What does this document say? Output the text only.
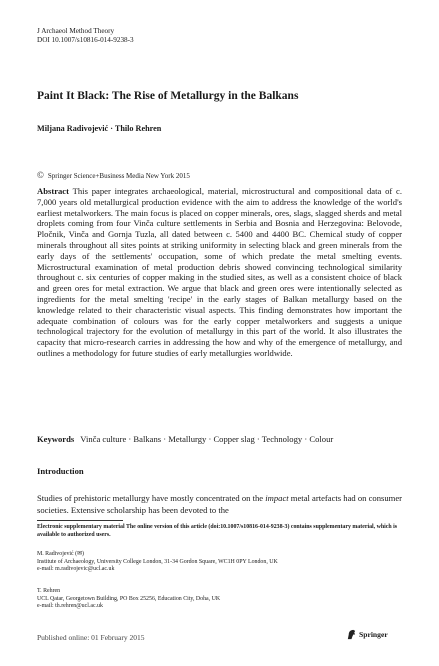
J Archaeol Method Theory
DOI 10.1007/s10816-014-9238-3
Paint It Black: The Rise of Metallurgy in the Balkans
Miljana Radivojević · Thilo Rehren
© Springer Science+Business Media New York 2015

Abstract This paper integrates archaeological, material, microstructural and compositional data of c. 7,000 years old metallurgical production evidence with the aim to address the knowledge of the world's earliest metalworkers. The main focus is placed on copper minerals, ores, slags, slagged sherds and metal droplets coming from four Vinča culture settlements in Serbia and Bosnia and Herzegovina: Belovode, Pločnik, Vinča and Gornja Tuzla, all dated between c. 5400 and 4400 BC. Chemical study of copper minerals throughout all sites points at striking uniformity in selecting black and green minerals from the early days of the settlements' occupation, some of which predate the metal smelting events. Microstructural examination of metal production debris showed convincing technological similarity throughout c. six centuries of copper making in the studied sites, as well as a consistent choice of black and green ores for metal extraction. We argue that black and green ores were intentionally selected as ingredients for the metal smelting 'recipe' in the early stages of Balkan metallurgy based on the knowledge related to their characteristic visual aspects. This finding demonstrates how important the adequate combination of colours was for the early copper metalworkers and suggests a unique technological trajectory for the evolution of metallurgy in this part of the world. It also illustrates the capacity that micro-research carries in addressing the how and why of the emergence of metallurgy, and outlines a methodology for future studies of early metallurgies worldwide.

Keywords Vinča culture · Balkans · Metallurgy · Copper slag · Technology · Colour

Introduction

Studies of prehistoric metallurgy have mostly concentrated on the impact metal artefacts had on consumer societies. Extensive scholarship has been devoted to the

Electronic supplementary material The online version of this article (doi:10.1007/s10816-014-9238-3) contains supplementary material, which is available to authorized users.
M. Radivojević (✉)
Institute of Archaeology, University College London, 31-34 Gordon Square, WC1H 0PY London, UK
e-mail: m.radivojevic@ucl.ac.uk
T. Rehren
UCL Qatar, Georgetown Building, PO Box 25256, Education City, Doha, UK
e-mail: th.rehren@ucl.ac.uk
Published online: 01 February 2015	Springer
